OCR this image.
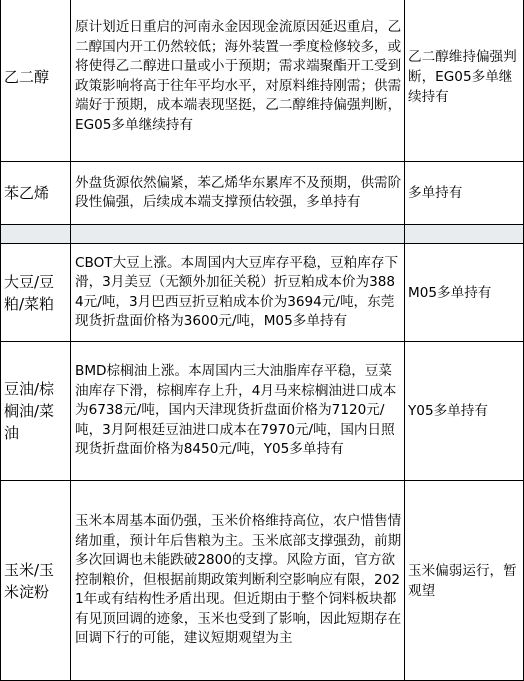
乙二醇	原计划近日重启的河南永金因现金流原因延迟重启，乙二醇国内开工仍然较低；海外装置一季度检修较多，或将使得乙二醇进口量或小于预期；需求端聚酯开工受到政策影响将高于往年平均水平，对原料维持刚需；供需端好于预期，成本端表现坚挺，乙二醇维持偏强判断，EG05多单继续持有	乙二醇维持偏强判断，EG05多单继续持有
苯乙烯	外盘货源依然偏紧，苯乙烯华东累库不及预期，供需阶段性偏强，后续成本端支撑预估较强，多单持有	多单持有

大豆/豆粕/菜粕	CBOT大豆上涨。本周国内大豆库存平稳，豆粕库存下滑，3月美豆（无额外加征关税）折豆粕成本价为3884元/吨，3月巴西豆折豆粕成本价为3694元/吨，东莞现货折盘面价格为3600元/吨，M05多单持有	M05多单持有
豆油/棕榈油/菜油	BMD棕榈油上涨。本周国内三大油脂库存平稳，豆菜油库存下滑，棕榈库存上升，4月马来棕榈油进口成本为6738元/吨，国内天津现货折盘面价格为7120元/吨，3月阿根廷豆油进口成本在7970元/吨，国内日照现货折盘面价格为8450元/吨，Y05多单持有	Y05多单持有
玉米/玉米淀粉	玉米本周基本面仍强，玉米价格维持高位，农户惜售情绪加重，预计年后售粮为主。玉米底部支撑强劲，前期多次回调也未能跌破2800的支撑。风险方面，官方欲控制粮价，但根据前期政策判断利空影响应有限，2021年或有结构性矛盾出现。但近期由于整个饲料板块都有见顶回调的迹象，玉米也受到了影响，因此短期存在回调下行的可能，建议短期观望为主	玉米偏弱运行，暂观望
